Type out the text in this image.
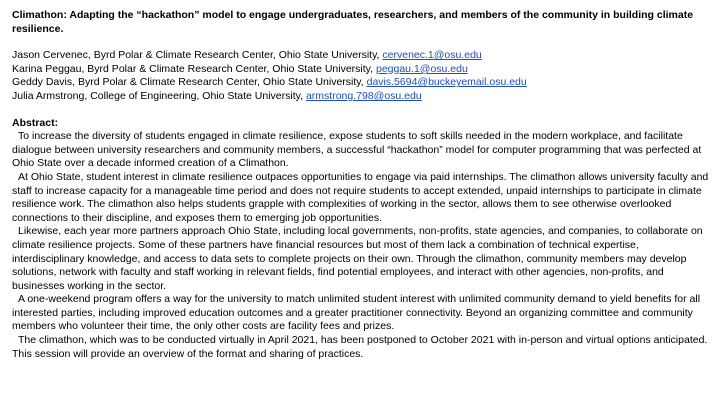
Climathon: Adapting the “hackathon” model to engage undergraduates, researchers, and members of the community in building climate resilience.

Jason Cervenec, Byrd Polar & Climate Research Center, Ohio State University, cervenec.1@osu.edu
Karina Peggau, Byrd Polar & Climate Research Center, Ohio State University, peggau.1@osu.edu
Geddy Davis, Byrd Polar & Climate Research Center, Ohio State University, davis.5694@buckeyemail.osu.edu
Julia Armstrong, College of Engineering, Ohio State University, armstrong.798@osu.edu

Abstract:

To increase the diversity of students engaged in climate resilience, expose students to soft skills needed in the modern workplace, and facilitate dialogue between university researchers and community members, a successful “hackathon” model for computer programming that was perfected at Ohio State over a decade informed creation of a Climathon.

At Ohio State, student interest in climate resilience outpaces opportunities to engage via paid internships. The climathon allows university faculty and staff to increase capacity for a manageable time period and does not require students to accept extended, unpaid internships to participate in climate resilience work. The climathon also helps students grapple with complexities of working in the sector, allows them to see otherwise overlooked connections to their discipline, and exposes them to emerging job opportunities.

Likewise, each year more partners approach Ohio State, including local governments, non-profits, state agencies, and companies, to collaborate on climate resilience projects. Some of these partners have financial resources but most of them lack a combination of technical expertise, interdisciplinary knowledge, and access to data sets to complete projects on their own. Through the climathon, community members may develop solutions, network with faculty and staff working in relevant fields, find potential employees, and interact with other agencies, non-profits, and businesses working in the sector.

A one-weekend program offers a way for the university to match unlimited student interest with unlimited community demand to yield benefits for all interested parties, including improved education outcomes and a greater practitioner connectivity. Beyond an organizing committee and community members who volunteer their time, the only other costs are facility fees and prizes.

The climathon, which was to be conducted virtually in April 2021, has been postponed to October 2021 with in-person and virtual options anticipated. This session will provide an overview of the format and sharing of practices.
